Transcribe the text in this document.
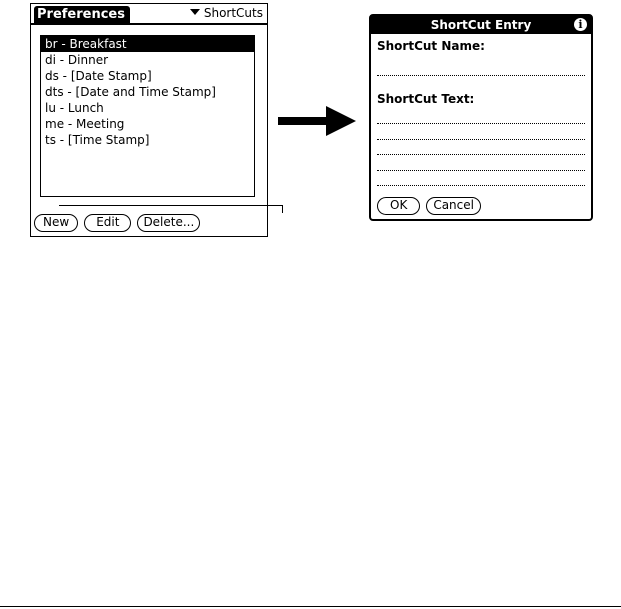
Preferences	ShortCuts
br - Breakfast
di - Dinner
ds - [Date Stamp]
dts - [Date and Time Stamp]
lu - Lunch
me - Meeting
ts - [Time Stamp]
New	Edit	Delete...
ShortCut Entry	i
ShortCut Name:
ShortCut Text:
OK	Cancel
